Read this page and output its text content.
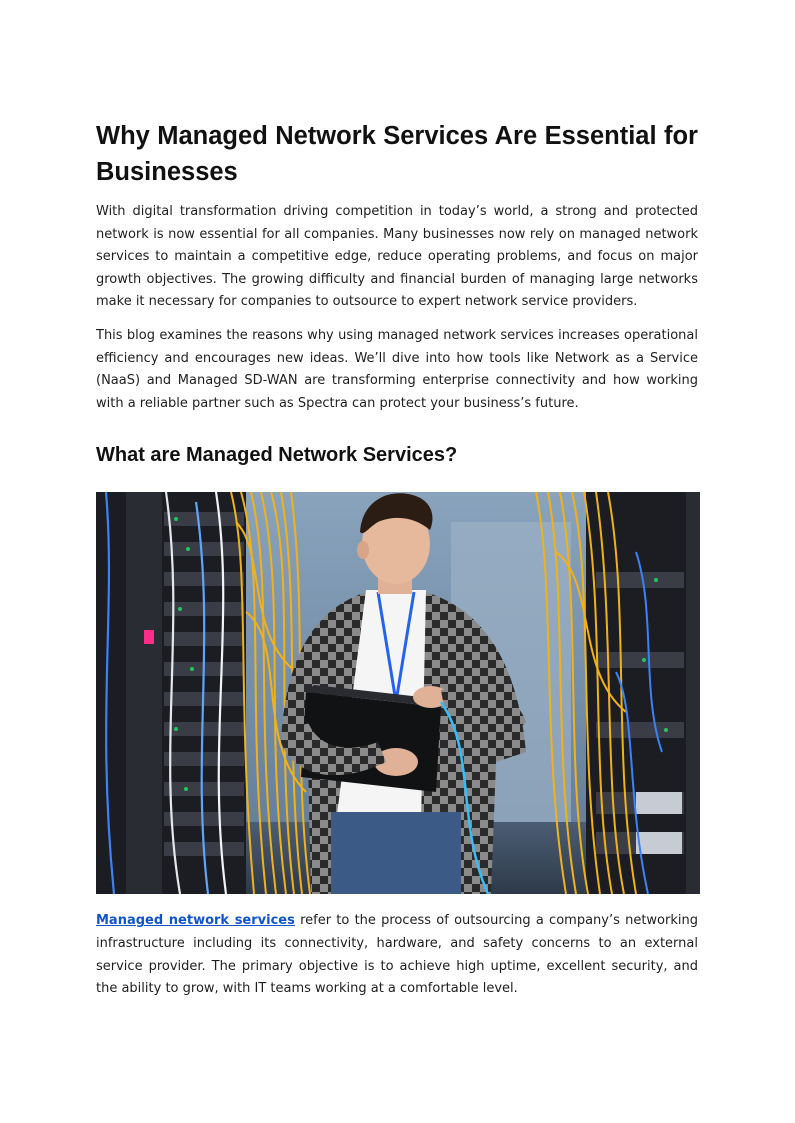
Why Managed Network Services Are Essential for Businesses

With digital transformation driving competition in today’s world, a strong and protected network is now essential for all companies. Many businesses now rely on managed network services to maintain a competitive edge, reduce operating problems, and focus on major growth objectives. The growing difficulty and financial burden of managing large networks make it necessary for companies to outsource to expert network service providers.

This blog examines the reasons why using managed network services increases operational efficiency and encourages new ideas. We’ll dive into how tools like Network as a Service (NaaS) and Managed SD-WAN are transforming enterprise connectivity and how working with a reliable partner such as Spectra can protect your business’s future.

What are Managed Network Services?

Managed network services refer to the process of outsourcing a company’s networking infrastructure including its connectivity, hardware, and safety concerns to an external service provider. The primary objective is to achieve high uptime, excellent security, and the ability to grow, with IT teams working at a comfortable level.
